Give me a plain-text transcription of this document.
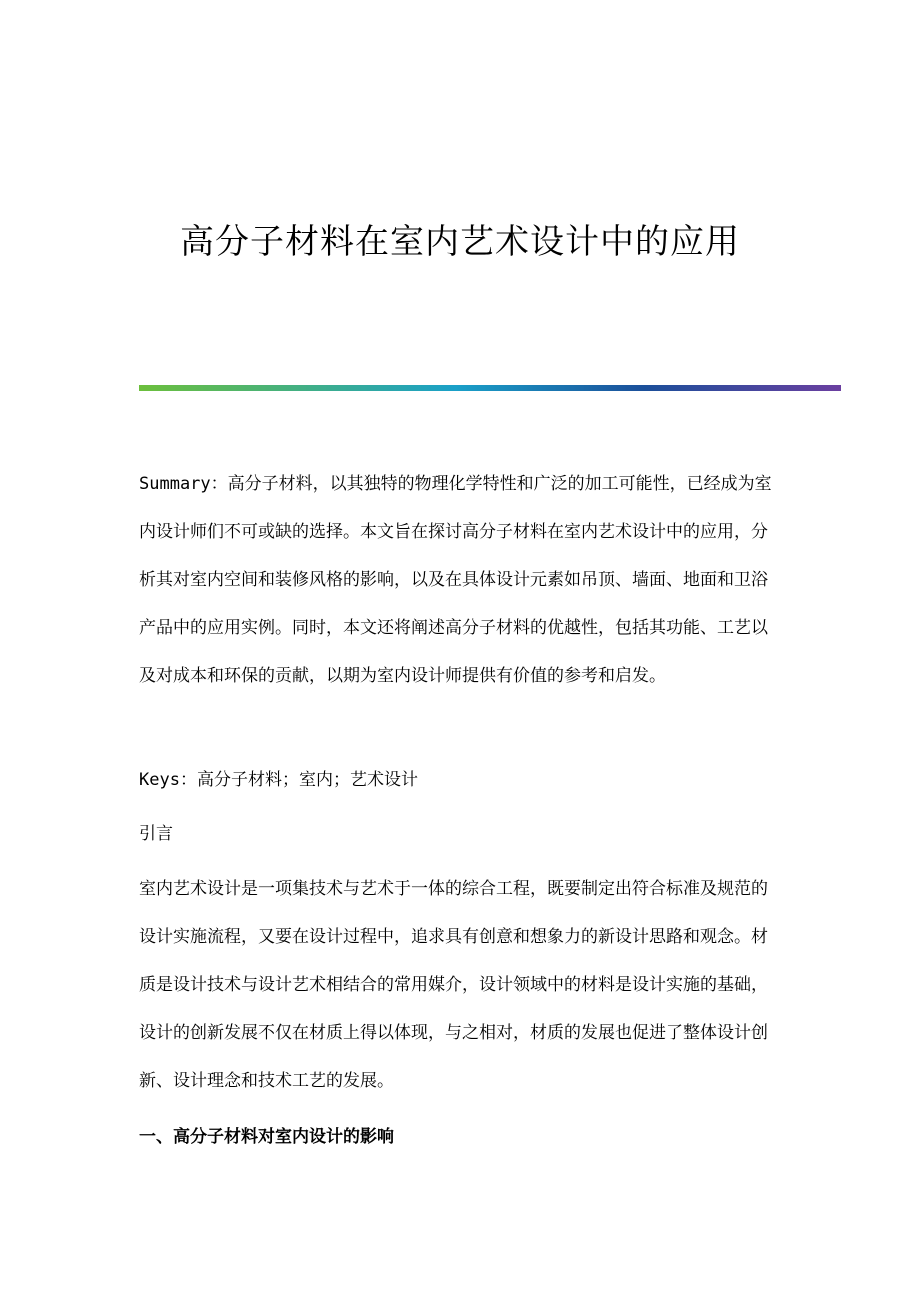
高分子材料在室内艺术设计中的应用
Summary：高分子材料，以其独特的物理化学特性和广泛的加工可能性，已经成为室内设计师们不可或缺的选择。本文旨在探讨高分子材料在室内艺术设计中的应用，分析其对室内空间和装修风格的影响，以及在具体设计元素如吊顶、墙面、地面和卫浴产品中的应用实例。同时，本文还将阐述高分子材料的优越性，包括其功能、工艺以及对成本和环保的贡献，以期为室内设计师提供有价值的参考和启发。
Keys：高分子材料；室内；艺术设计
引言
室内艺术设计是一项集技术与艺术于一体的综合工程，既要制定出符合标准及规范的设计实施流程，又要在设计过程中，追求具有创意和想象力的新设计思路和观念。材质是设计技术与设计艺术相结合的常用媒介，设计领域中的材料是设计实施的基础，设计的创新发展不仅在材质上得以体现，与之相对，材质的发展也促进了整体设计创新、设计理念和技术工艺的发展。
一、高分子材料对室内设计的影响
